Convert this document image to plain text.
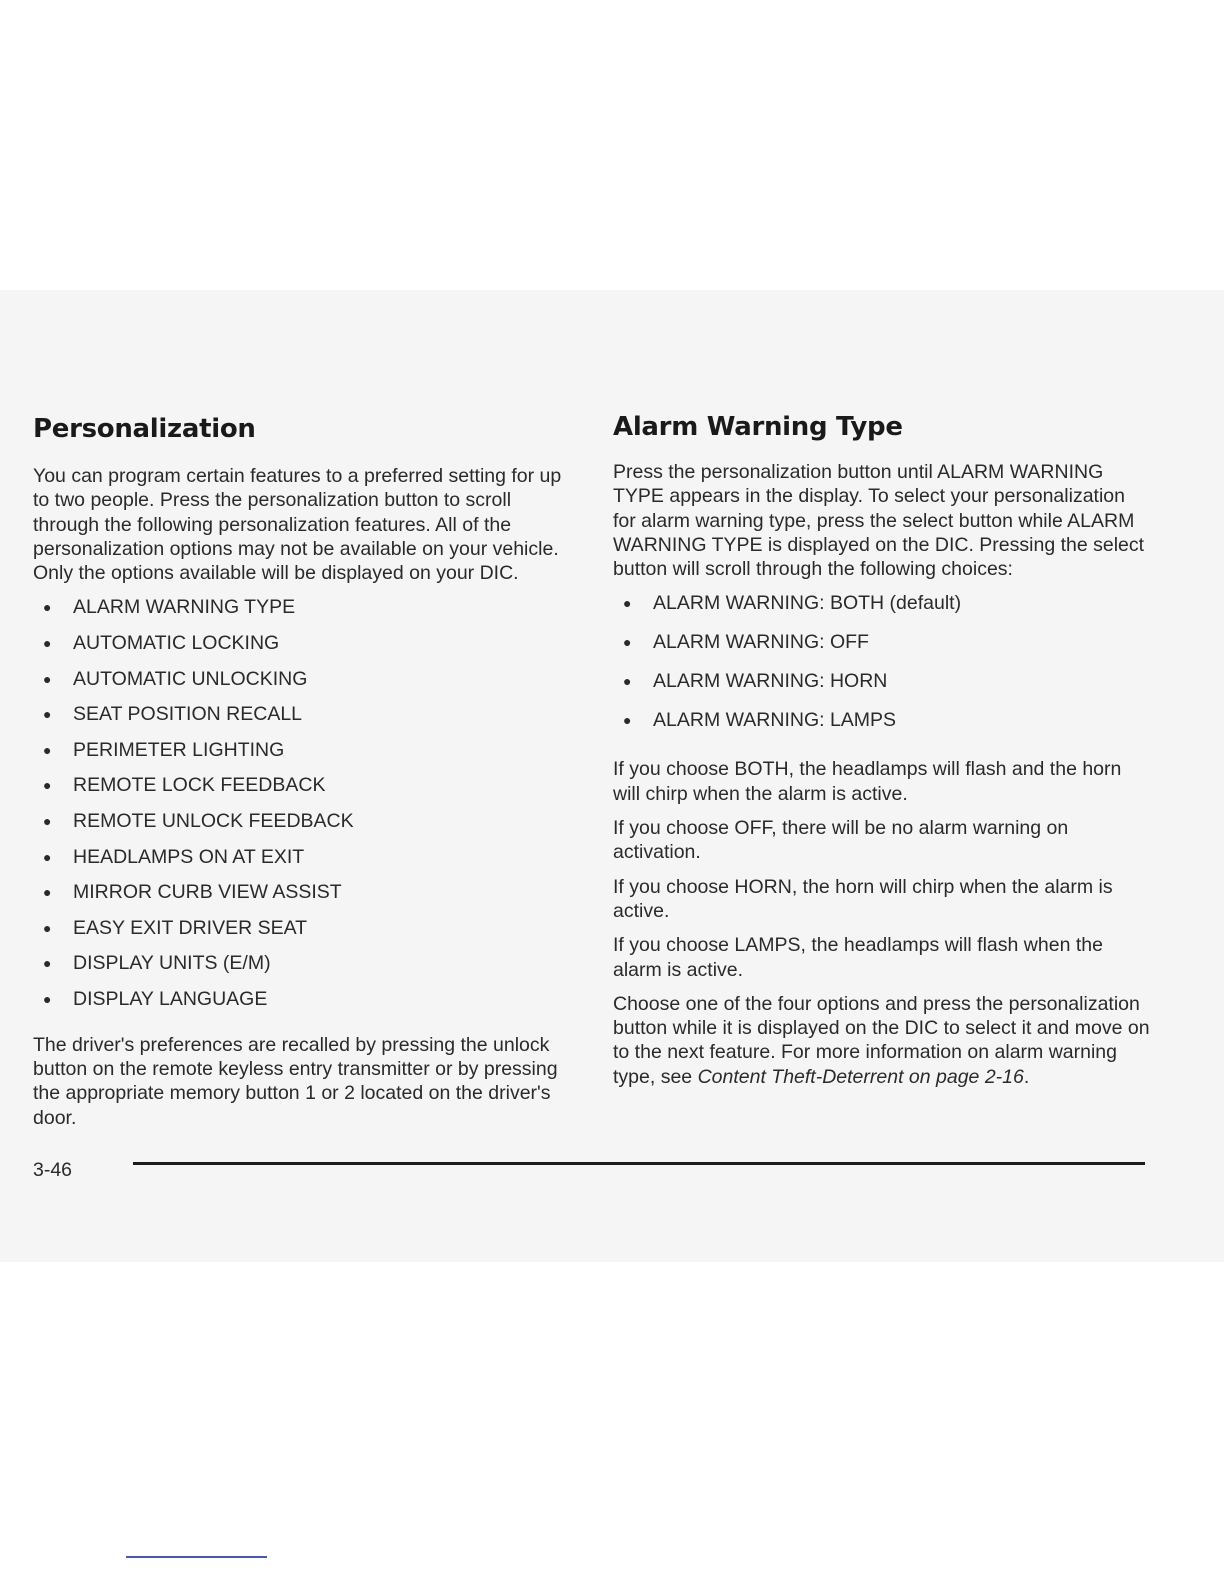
Personalization

You can program certain features to a preferred setting for up to two people. Press the personalization button to scroll through the following personalization features. All of the personalization options may not be available on your vehicle. Only the options available will be displayed on your DIC.

●	ALARM WARNING TYPE
●	AUTOMATIC LOCKING
●	AUTOMATIC UNLOCKING
●	SEAT POSITION RECALL
●	PERIMETER LIGHTING
●	REMOTE LOCK FEEDBACK
●	REMOTE UNLOCK FEEDBACK
●	HEADLAMPS ON AT EXIT
●	MIRROR CURB VIEW ASSIST
●	EASY EXIT DRIVER SEAT
●	DISPLAY UNITS (E/M)
●	DISPLAY LANGUAGE

The driver's preferences are recalled by pressing the unlock button on the remote keyless entry transmitter or by pressing the appropriate memory button 1 or 2 located on the driver's door.

Alarm Warning Type

Press the personalization button until ALARM WARNING TYPE appears in the display. To select your personalization for alarm warning type, press the select button while ALARM WARNING TYPE is displayed on the DIC. Pressing the select button will scroll through the following choices:

●	ALARM WARNING: BOTH (default)
●	ALARM WARNING: OFF
●	ALARM WARNING: HORN
●	ALARM WARNING: LAMPS

If you choose BOTH, the headlamps will flash and the horn will chirp when the alarm is active.

If you choose OFF, there will be no alarm warning on activation.

If you choose HORN, the horn will chirp when the alarm is active.

If you choose LAMPS, the headlamps will flash when the alarm is active.

Choose one of the four options and press the personalization button while it is displayed on the DIC to select it and move on to the next feature. For more information on alarm warning type, see Content Theft-Deterrent on page 2-16.

3-46
